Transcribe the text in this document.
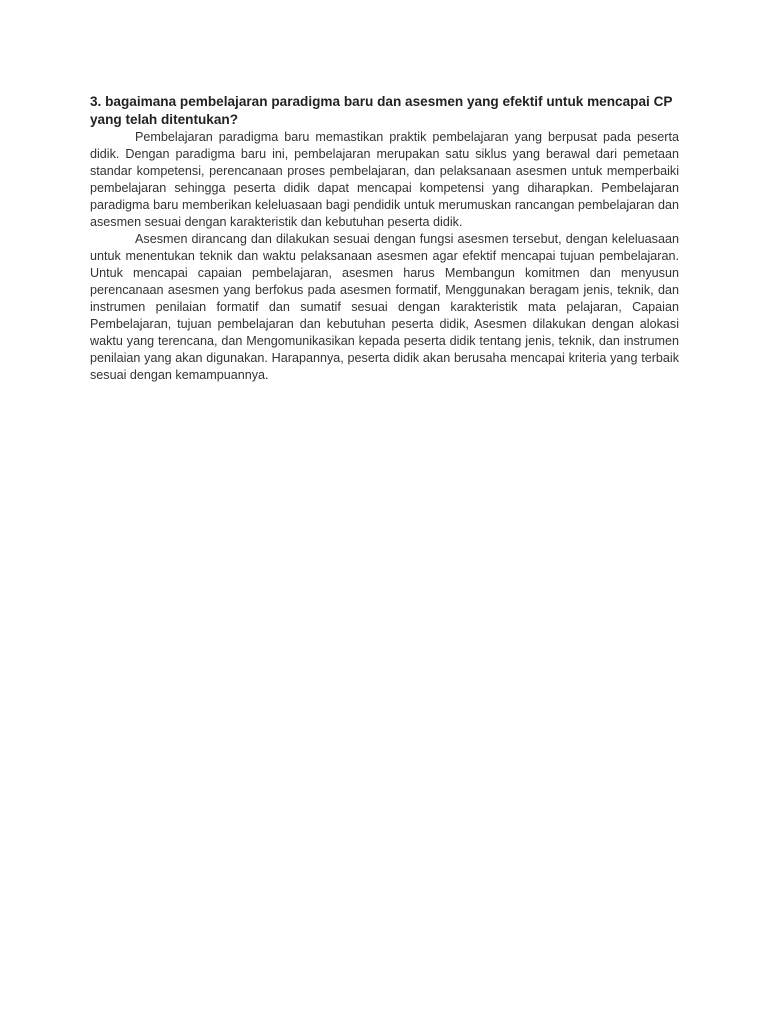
3. bagaimana pembelajaran paradigma baru dan asesmen yang efektif untuk mencapai CP yang telah ditentukan?

Pembelajaran paradigma baru memastikan praktik pembelajaran yang berpusat pada peserta didik. Dengan paradigma baru ini, pembelajaran merupakan satu siklus yang berawal dari pemetaan standar kompetensi, perencanaan proses pembelajaran, dan pelaksanaan asesmen untuk memperbaiki pembelajaran sehingga peserta didik dapat mencapai kompetensi yang diharapkan. Pembelajaran paradigma baru memberikan keleluasaan bagi pendidik untuk merumuskan rancangan pembelajaran dan asesmen sesuai dengan karakteristik dan kebutuhan peserta didik.

Asesmen dirancang dan dilakukan sesuai dengan fungsi asesmen tersebut, dengan keleluasaan untuk menentukan teknik dan waktu pelaksanaan asesmen agar efektif mencapai tujuan pembelajaran. Untuk mencapai capaian pembelajaran, asesmen harus Membangun komitmen dan menyusun perencanaan asesmen yang berfokus pada asesmen formatif, Menggunakan beragam jenis, teknik, dan instrumen penilaian formatif dan sumatif sesuai dengan karakteristik mata pelajaran, Capaian Pembelajaran, tujuan pembelajaran dan kebutuhan peserta didik, Asesmen dilakukan dengan alokasi waktu yang terencana, dan Mengomunikasikan kepada peserta didik tentang jenis, teknik, dan instrumen penilaian yang akan digunakan. Harapannya, peserta didik akan berusaha mencapai kriteria yang terbaik sesuai dengan kemampuannya.
